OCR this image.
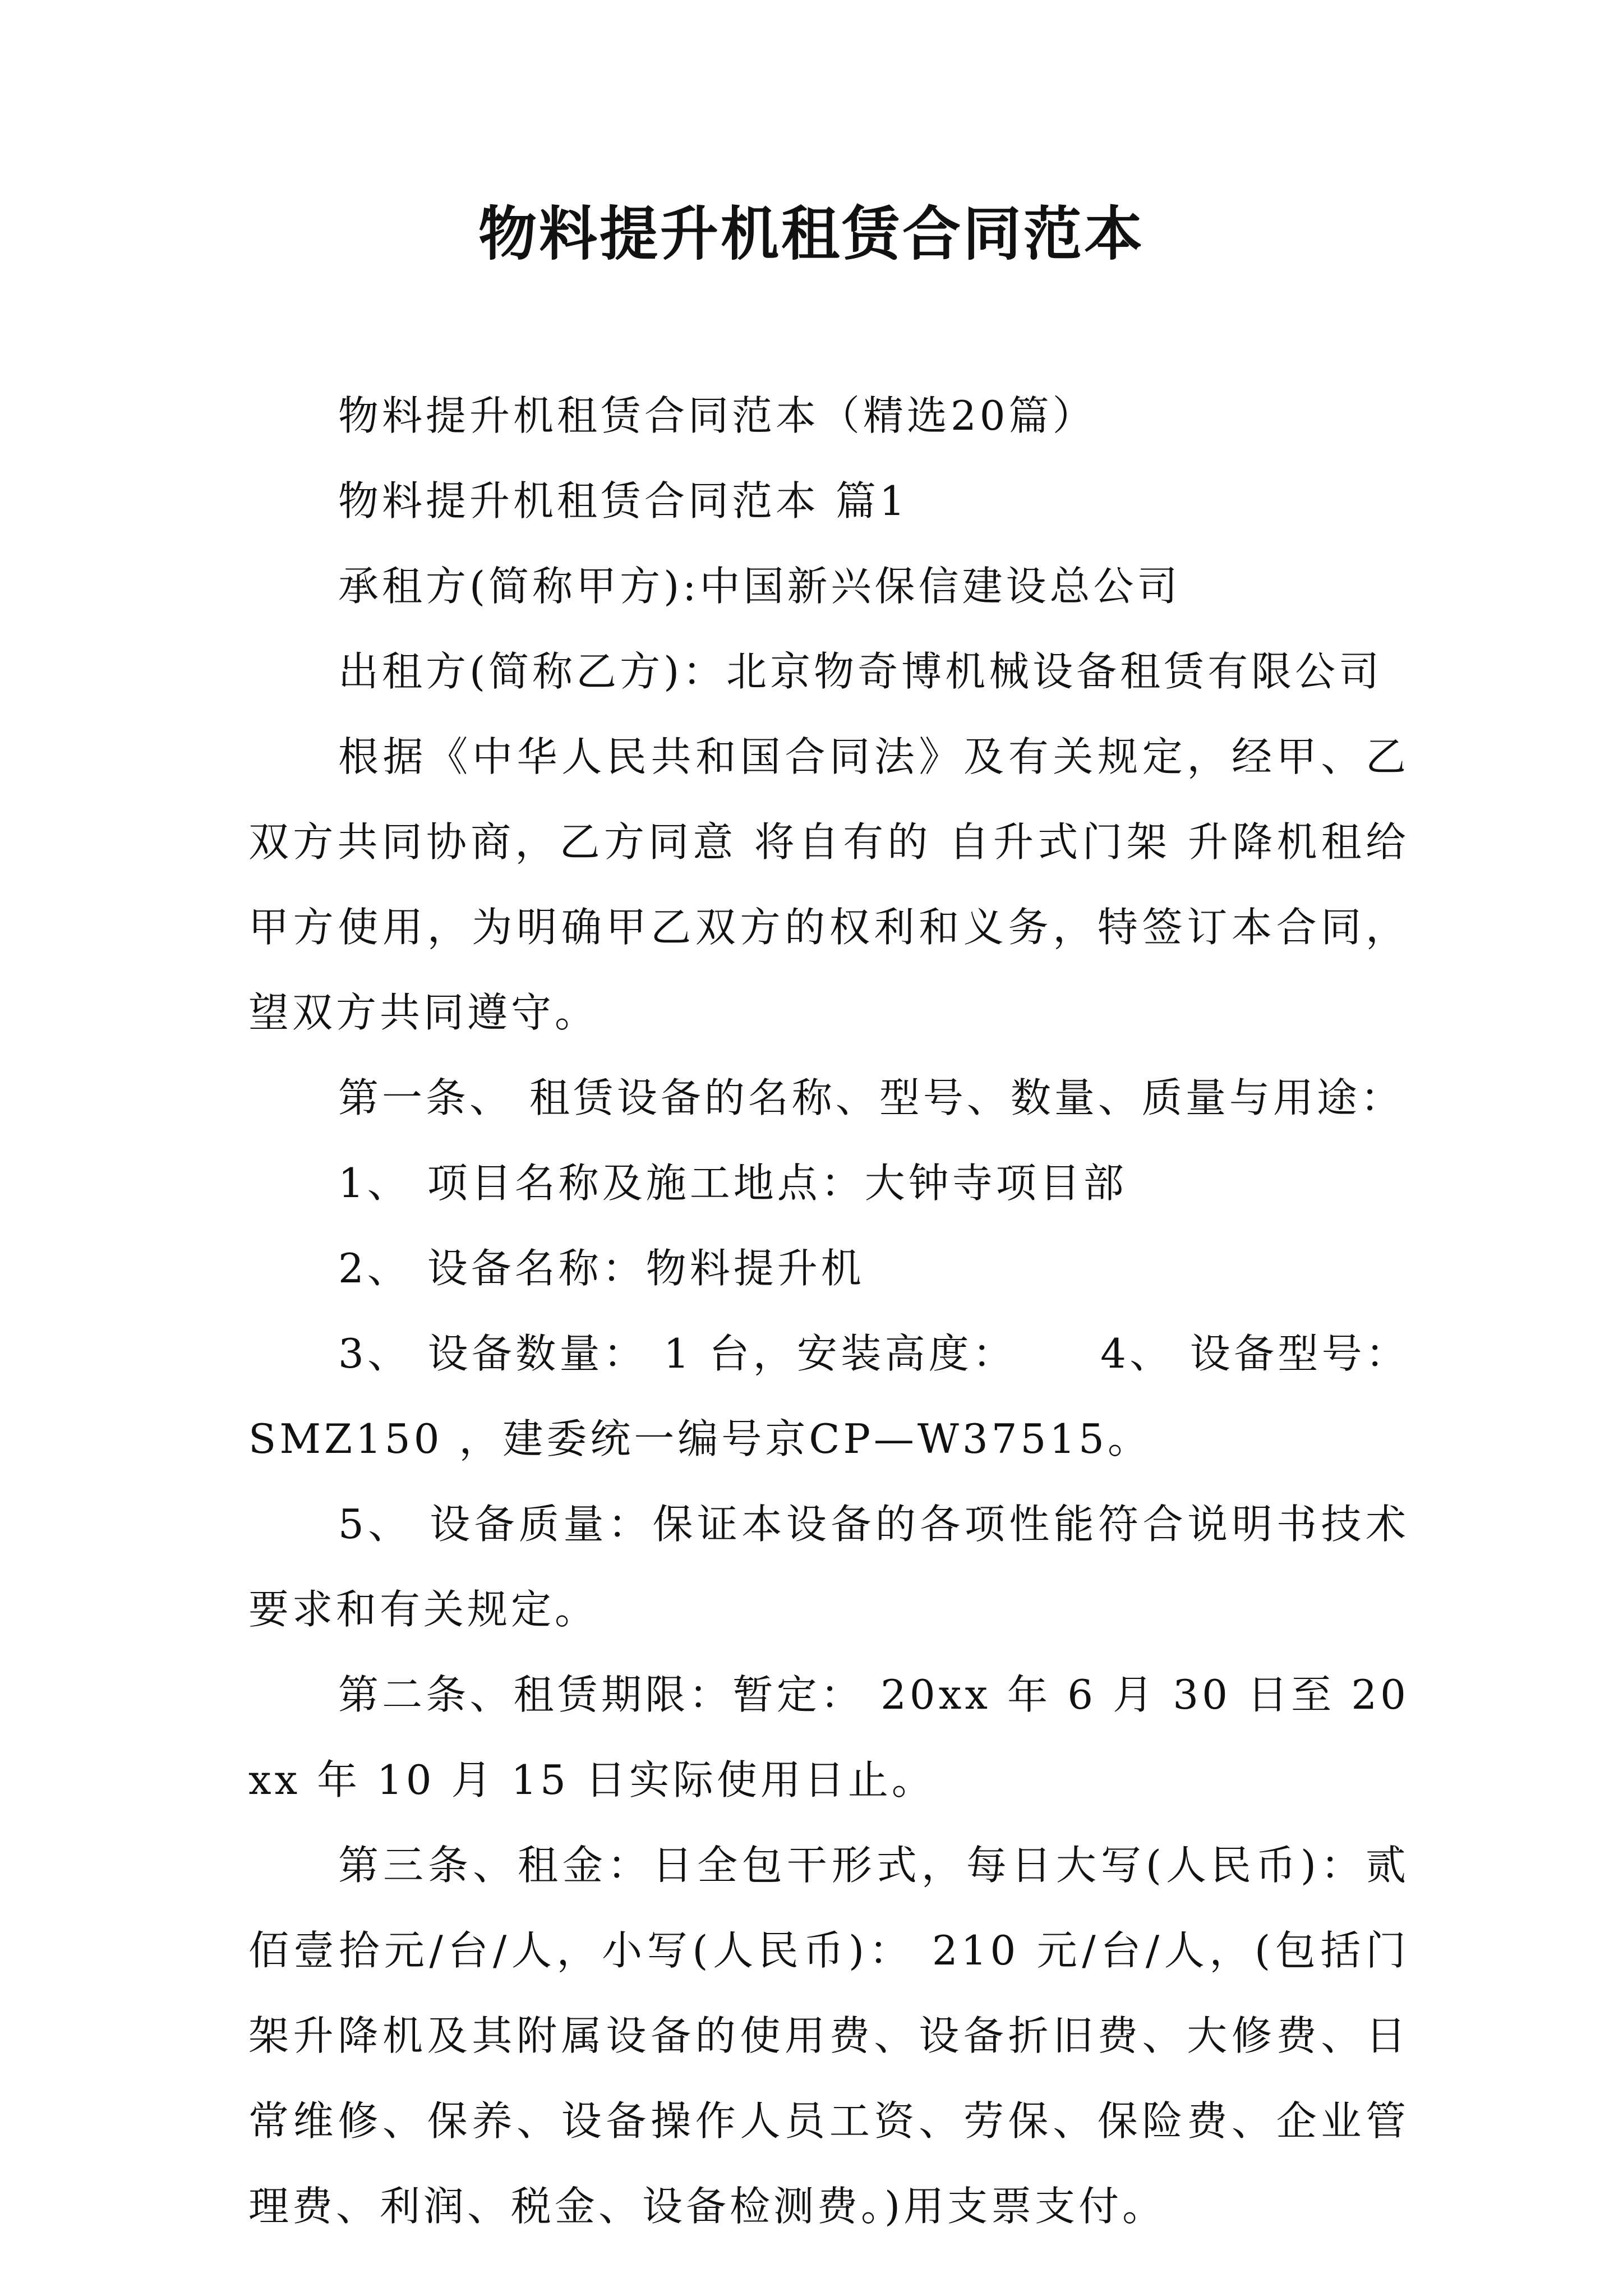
物料提升机租赁合同范本

物料提升机租赁合同范本（精选20篇）

物料提升机租赁合同范本 篇1

承租方(简称甲方):中国新兴保信建设总公司

出租方(简称乙方)：北京物奇博机械设备租赁有限公司

根据《中华人民共和国合同法》及有关规定，经甲、乙双方共同协商，乙方同意 将自有的 自升式门架 升降机租给甲方使用，为明确甲乙双方的权利和义务，特签订本合同，望双方共同遵守。

第一条、 租赁设备的名称、型号、数量、质量与用途：

1、 项目名称及施工地点：大钟寺项目部

2、 设备名称：物料提升机

3、 设备数量： 1 台，安装高度：　　 4、 设备型号：SMZ150 ，建委统一编号京CP—W37515。

5、 设备质量：保证本设备的各项性能符合说明书技术要求和有关规定。

第二条、租赁期限：暂定： 20xx 年 6 月 30 日至 20xx 年 10 月 15 日实际使用日止。

第三条、租金：日全包干形式，每日大写(人民币)：贰佰壹拾元/台/人，小写(人民币)： 210 元/台/人，(包括门架升降机及其附属设备的使用费、设备折旧费、大修费、日常维修、保养、设备操作人员工资、劳保、保险费、企业管理费、利润、税金、设备检测费。)用支票支付。
